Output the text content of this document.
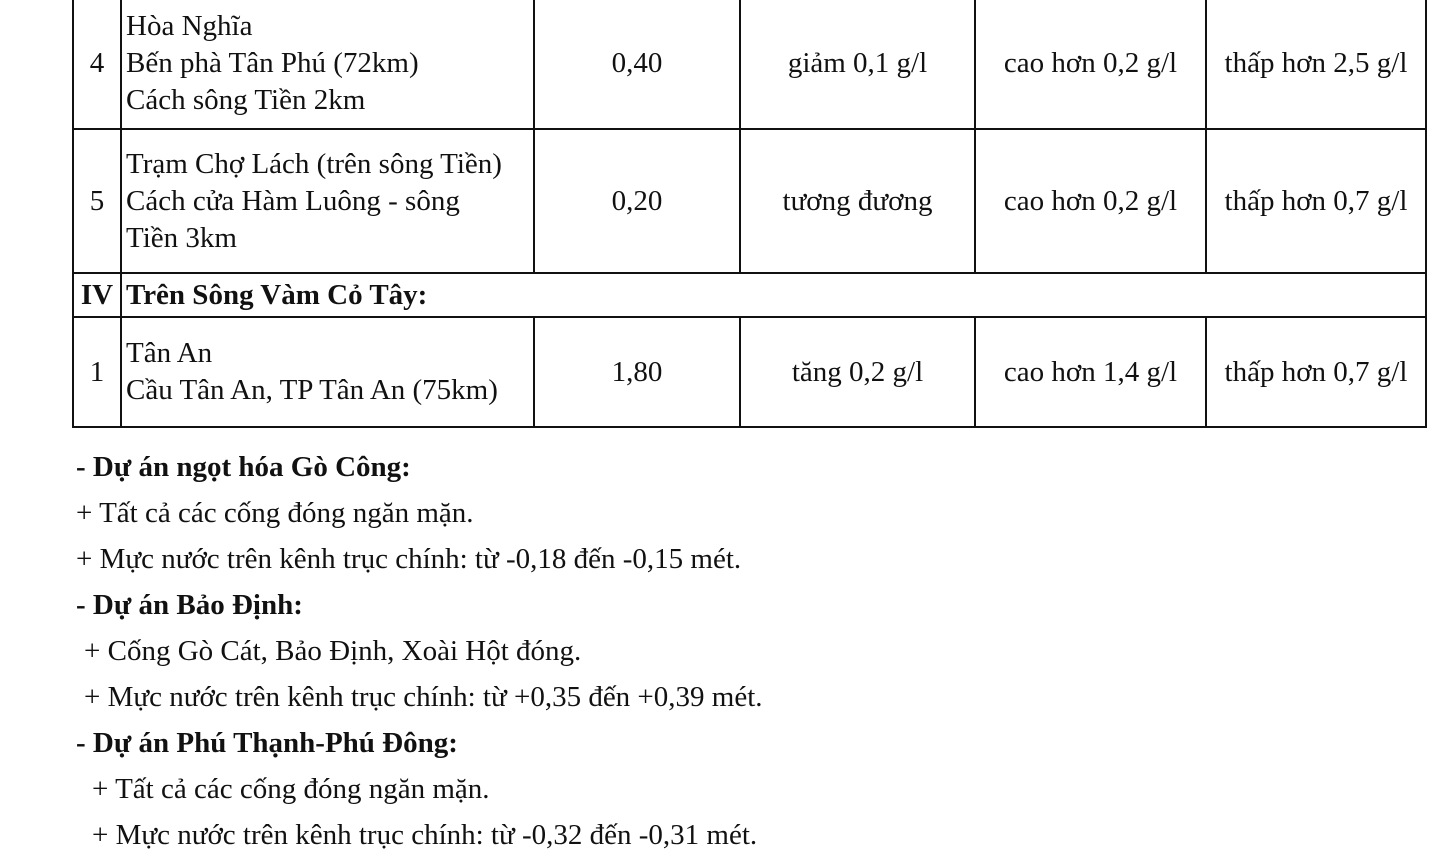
4	Hòa Nghĩa
Bến phà Tân Phú (72km)
Cách sông Tiền 2km	0,40	giảm 0,1 g/l	cao hơn 0,2 g/l	thấp hơn 2,5 g/l
5	Trạm Chợ Lách (trên sông Tiền)
Cách cửa Hàm Luông - sông
Tiền 3km	0,20	tương đương	cao hơn 0,2 g/l	thấp hơn 0,7 g/l
IV	Trên Sông Vàm Cỏ Tây:				
1	Tân An
Cầu Tân An, TP Tân An (75km)	1,80	tăng 0,2 g/l	cao hơn 1,4 g/l	thấp hơn 0,7 g/l
- Dự án ngọt hóa Gò Công:
+ Tất cả các cống đóng ngăn mặn.
+ Mực nước trên kênh trục chính: từ -0,18 đến -0,15 mét.
- Dự án Bảo Định:
+ Cống Gò Cát, Bảo Định, Xoài Hột đóng.
+ Mực nước trên kênh trục chính: từ +0,35 đến +0,39 mét.
- Dự án Phú Thạnh-Phú Đông:
+ Tất cả các cống đóng ngăn mặn.
+ Mực nước trên kênh trục chính: từ -0,32 đến -0,31 mét.
